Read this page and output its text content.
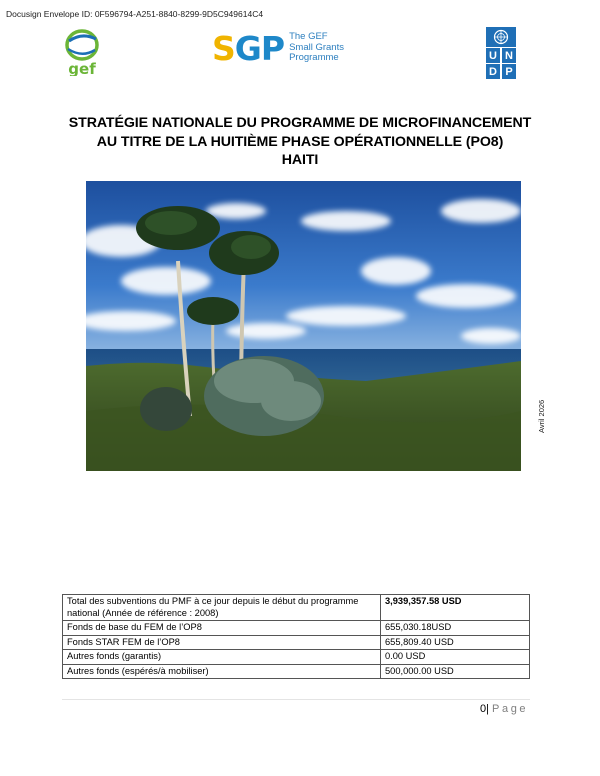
Docusign Envelope ID: 0F596794-A251-8840-8299-9D5C949614C4
gef
SGP The GEF
Small Grants
Programme	U N
D P
STRATÉGIE NATIONALE DU PROGRAMME DE MICROFINANCEMENT
AU TITRE DE LA HUITIÈME PHASE OPÉRATIONNELLE (PO8)
HAITI
Avril 2026
Total des subventions du PMF à ce jour depuis le début du programme national (Année de référence : 2008)	3,939,357.58 USD
Fonds de base du FEM de l’OP8	655,030.18USD
Fonds STAR FEM de l’OP8	655,809.40 USD
Autres fonds (garantis)	0.00 USD
Autres fonds (espérés/à mobiliser)	500,000.00 USD
0| Page
